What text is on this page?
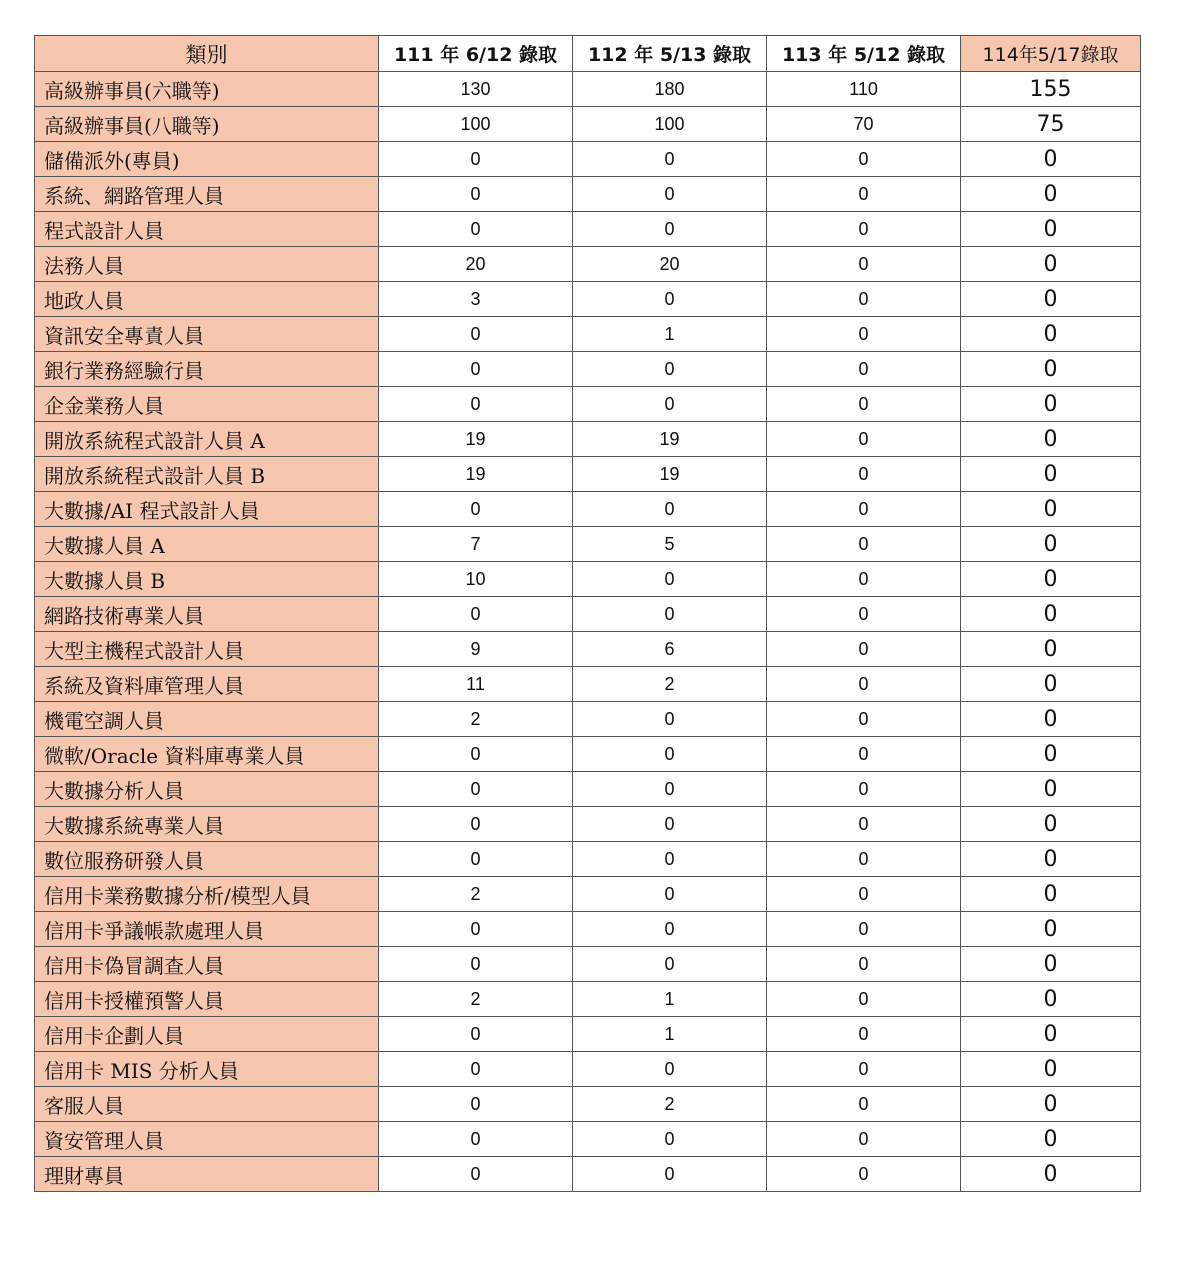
類別	111 年 6/12 錄取	112 年 5/13 錄取	113 年 5/12 錄取	114年5/17錄取
高級辦事員(六職等)	130	180	110	155
高級辦事員(八職等)	100	100	70	75
儲備派外(專員)	0	0	0	0
系統、網路管理人員	0	0	0	0
程式設計人員	0	0	0	0
法務人員	20	20	0	0
地政人員	3	0	0	0
資訊安全專責人員	0	1	0	0
銀行業務經驗行員	0	0	0	0
企金業務人員	0	0	0	0
開放系統程式設計人員 A	19	19	0	0
開放系統程式設計人員 B	19	19	0	0
大數據/AI 程式設計人員	0	0	0	0
大數據人員 A	7	5	0	0
大數據人員 B	10	0	0	0
網路技術專業人員	0	0	0	0
大型主機程式設計人員	9	6	0	0
系統及資料庫管理人員	11	2	0	0
機電空調人員	2	0	0	0
微軟/Oracle 資料庫專業人員	0	0	0	0
大數據分析人員	0	0	0	0
大數據系統專業人員	0	0	0	0
數位服務研發人員	0	0	0	0
信用卡業務數據分析/模型人員	2	0	0	0
信用卡爭議帳款處理人員	0	0	0	0
信用卡偽冒調查人員	0	0	0	0
信用卡授權預警人員	2	1	0	0
信用卡企劃人員	0	1	0	0
信用卡 MIS 分析人員	0	0	0	0
客服人員	0	2	0	0
資安管理人員	0	0	0	0
理財專員	0	0	0	0
